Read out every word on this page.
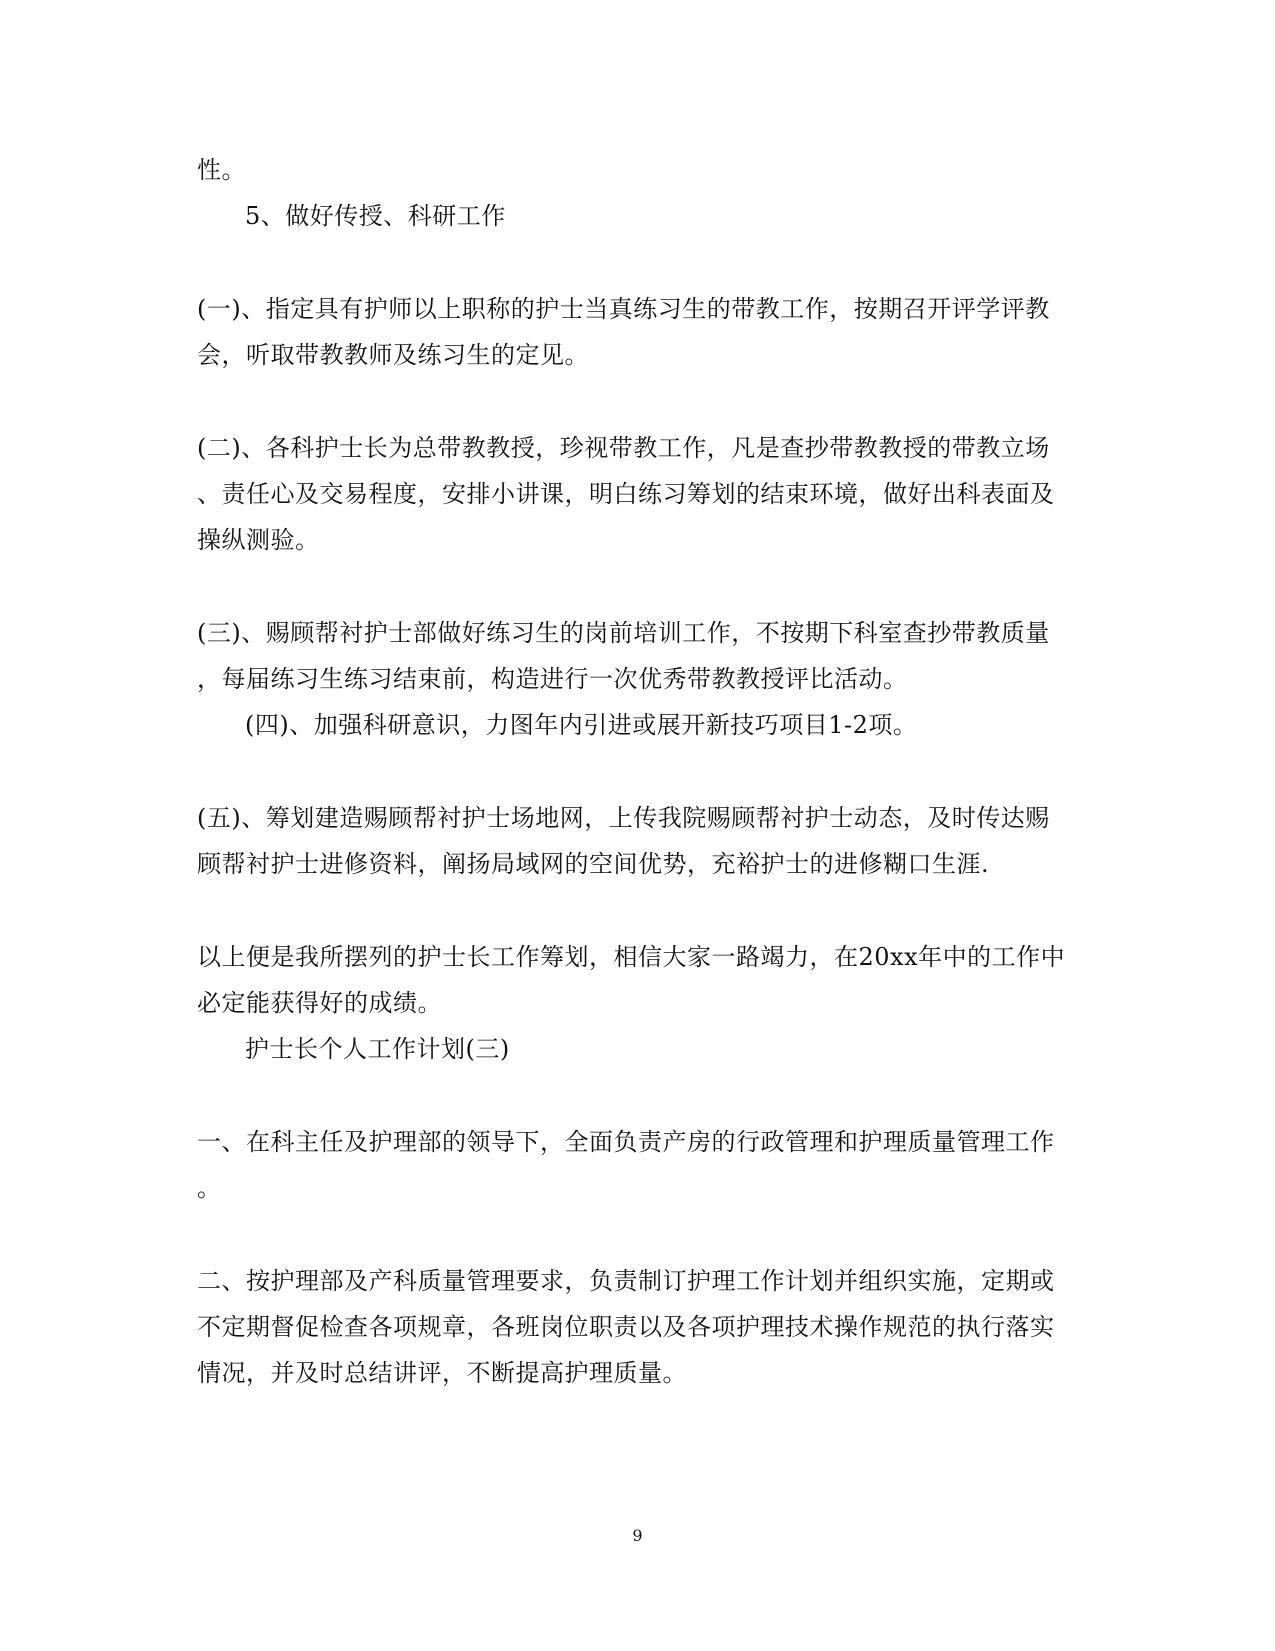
性。
5、做好传授、科研工作
(一)、指定具有护师以上职称的护士当真练习生的带教工作，按期召开评学评教
会，听取带教教师及练习生的定见。
(二)、各科护士长为总带教教授，珍视带教工作，凡是查抄带教教授的带教立场
、责任心及交易程度，安排小讲课，明白练习筹划的结束环境，做好出科表面及
操纵测验。
(三)、赐顾帮衬护士部做好练习生的岗前培训工作，不按期下科室查抄带教质量
，每届练习生练习结束前，构造进行一次优秀带教教授评比活动。
(四)、加强科研意识，力图年内引进或展开新技巧项目1-2项。
(五)、筹划建造赐顾帮衬护士场地网，上传我院赐顾帮衬护士动态，及时传达赐
顾帮衬护士进修资料，阐扬局域网的空间优势，充裕护士的进修糊口生涯.
以上便是我所摆列的护士长工作筹划，相信大家一路竭力，在20xx年中的工作中
必定能获得好的成绩。
护士长个人工作计划(三)
一、在科主任及护理部的领导下，全面负责产房的行政管理和护理质量管理工作
。
二、按护理部及产科质量管理要求，负责制订护理工作计划并组织实施，定期或
不定期督促检查各项规章，各班岗位职责以及各项护理技术操作规范的执行落实
情况，并及时总结讲评，不断提高护理质量。
9
